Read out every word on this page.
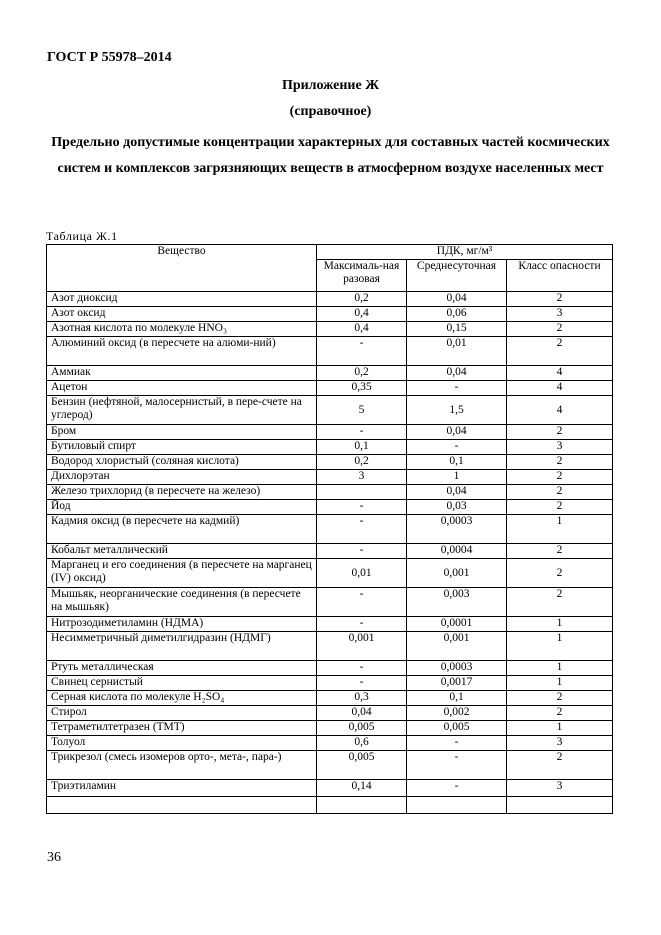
ГОСТ Р 55978–2014
Приложение Ж
(справочное)
Предельно допустимые концентрации характерных для составных частей космических систем и комплексов загрязняющих веществ в атмосферном воздухе населенных мест
Таблица Ж.1
Вещество	ПДК, мг/м³		
	Максималь-ная разовая	Среднесуточная	Класс опасности
Азот диоксид	0,2	0,04	2
Азот оксид	0,4	0,06	3
Азотная кислота по молекуле HNO₃	0,4	0,15	2
Алюминий оксид (в пересчете на алюми-ний)	-	0,01	2
Аммиак	0,2	0,04	4
Ацетон	0,35	-	4
Бензин (нефтяной, малосернистый, в пере-счете на углерод)	5	1,5	4
Бром	-	0,04	2
Бутиловый спирт	0,1	-	3
Водород хлористый (соляная кислота)	0,2	0,1	2
Дихлорэтан	3	1	2
Железо трихлорид (в пересчете на железо)		0,04	2
Йод	-	0,03	2
Кадмия оксид (в пересчете на кадмий)	-	0,0003	1
Кобальт металлический	-	0,0004	2
Марганец и его соединения (в пересчете на марганец (IV) оксид)	0,01	0,001	2
Мышьяк, неорганические соединения (в пересчете на мышьяк)	-	0,003	2
Нитрозодиметиламин (НДМА)	-	0,0001	1
Несимметричный диметилгидразин (НДМГ)	0,001	0,001	1
Ртуть металлическая	-	0,0003	1
Свинец сернистый	-	0,0017	1
Серная кислота по молекуле H₂SO₄	0,3	0,1	2
Стирол	0,04	0,002	2
Тетраметилтетразен (ТМТ)	0,005	0,005	1
Толуол	0,6	-	3
Трикрезол (смесь изомеров орто-, мета-, пара-)	0,005	-	2
Триэтиламин	0,14	-	3

36
